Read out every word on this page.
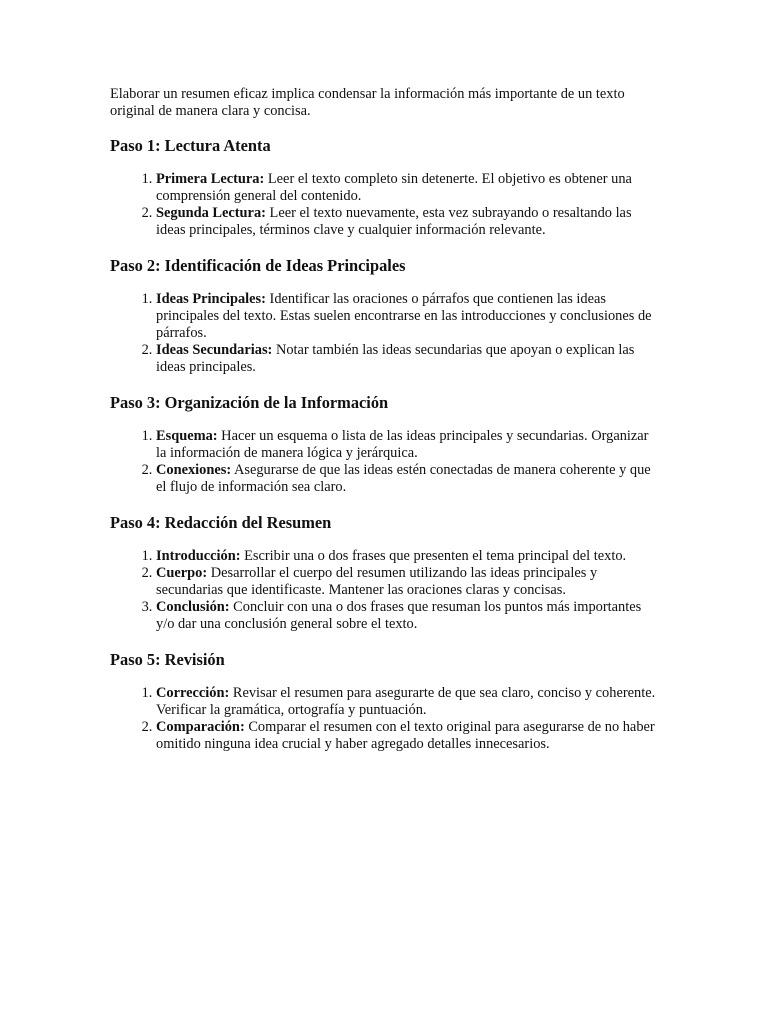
Elaborar un resumen eficaz implica condensar la información más importante de un texto original de manera clara y concisa.

Paso 1: Lectura Atenta
1. Primera Lectura: Leer el texto completo sin detenerte. El objetivo es obtener una comprensión general del contenido.
2. Segunda Lectura: Leer el texto nuevamente, esta vez subrayando o resaltando las ideas principales, términos clave y cualquier información relevante.
Paso 2: Identificación de Ideas Principales
1. Ideas Principales: Identificar las oraciones o párrafos que contienen las ideas principales del texto. Estas suelen encontrarse en las introducciones y conclusiones de párrafos.
2. Ideas Secundarias: Notar también las ideas secundarias que apoyan o explican las ideas principales.
Paso 3: Organización de la Información
1. Esquema: Hacer un esquema o lista de las ideas principales y secundarias. Organizar la información de manera lógica y jerárquica.
2. Conexiones: Asegurarse de que las ideas estén conectadas de manera coherente y que el flujo de información sea claro.
Paso 4: Redacción del Resumen
1. Introducción: Escribir una o dos frases que presenten el tema principal del texto.
2. Cuerpo: Desarrollar el cuerpo del resumen utilizando las ideas principales y secundarias que identificaste. Mantener las oraciones claras y concisas.
3. Conclusión: Concluir con una o dos frases que resuman los puntos más importantes y/o dar una conclusión general sobre el texto.
Paso 5: Revisión
1. Corrección: Revisar el resumen para asegurarte de que sea claro, conciso y coherente. Verificar la gramática, ortografía y puntuación.
2. Comparación: Comparar el resumen con el texto original para asegurarse de no haber omitido ninguna idea crucial y haber agregado detalles innecesarios.
